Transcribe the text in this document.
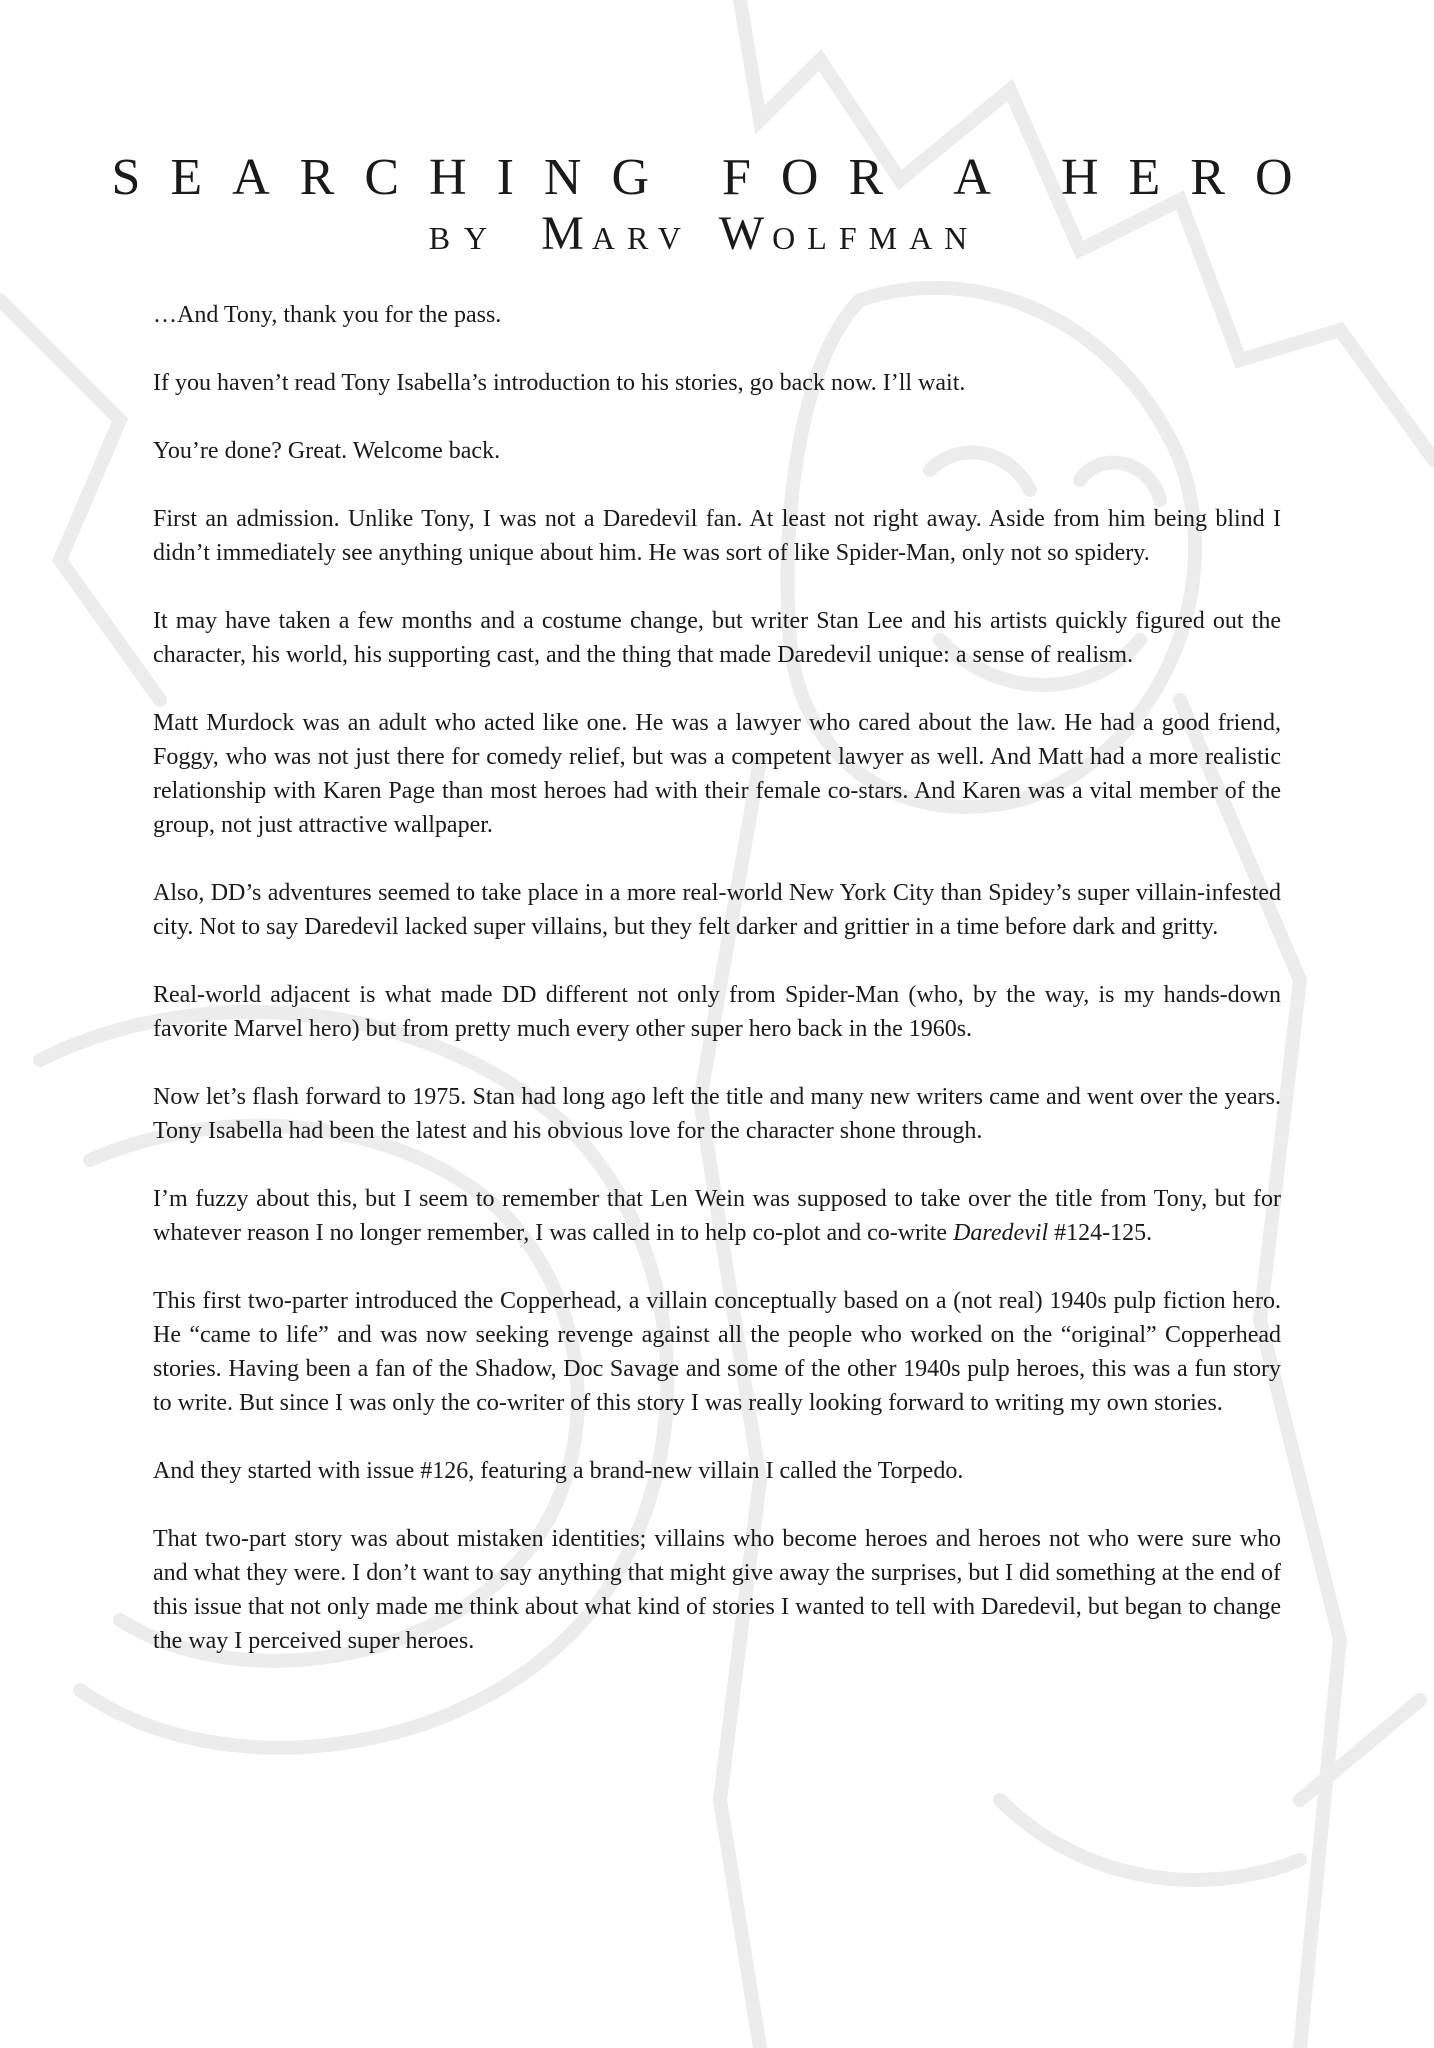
SEARCHING FOR A HERO
BY MARV WOLFMAN

…And Tony, thank you for the pass.

If you haven’t read Tony Isabella’s introduction to his stories, go back now. I’ll wait.

You’re done? Great. Welcome back.

First an admission. Unlike Tony, I was not a Daredevil fan. At least not right away. Aside from him being blind I didn’t immediately see anything unique about him. He was sort of like Spider-Man, only not so spidery.

It may have taken a few months and a costume change, but writer Stan Lee and his artists quickly figured out the character, his world, his supporting cast, and the thing that made Daredevil unique: a sense of realism.

Matt Murdock was an adult who acted like one. He was a lawyer who cared about the law. He had a good friend, Foggy, who was not just there for comedy relief, but was a competent lawyer as well. And Matt had a more realistic relationship with Karen Page than most heroes had with their female co-stars. And Karen was a vital member of the group, not just attractive wallpaper.

Also, DD’s adventures seemed to take place in a more real-world New York City than Spidey’s super villain-infested city. Not to say Daredevil lacked super villains, but they felt darker and grittier in a time before dark and gritty.

Real-world adjacent is what made DD different not only from Spider-Man (who, by the way, is my hands-down favorite Marvel hero) but from pretty much every other super hero back in the 1960s.

Now let’s flash forward to 1975. Stan had long ago left the title and many new writers came and went over the years. Tony Isabella had been the latest and his obvious love for the character shone through.

I’m fuzzy about this, but I seem to remember that Len Wein was supposed to take over the title from Tony, but for whatever reason I no longer remember, I was called in to help co-plot and co-write Daredevil #124-125.

This first two-parter introduced the Copperhead, a villain conceptually based on a (not real) 1940s pulp fiction hero. He “came to life” and was now seeking revenge against all the people who worked on the “original” Copperhead stories. Having been a fan of the Shadow, Doc Savage and some of the other 1940s pulp heroes, this was a fun story to write. But since I was only the co-writer of this story I was really looking forward to writing my own stories.

And they started with issue #126, featuring a brand-new villain I called the Torpedo.

That two-part story was about mistaken identities; villains who become heroes and heroes not who were sure who and what they were. I don’t want to say anything that might give away the surprises, but I did something at the end of this issue that not only made me think about what kind of stories I wanted to tell with Daredevil, but began to change the way I perceived super heroes.
